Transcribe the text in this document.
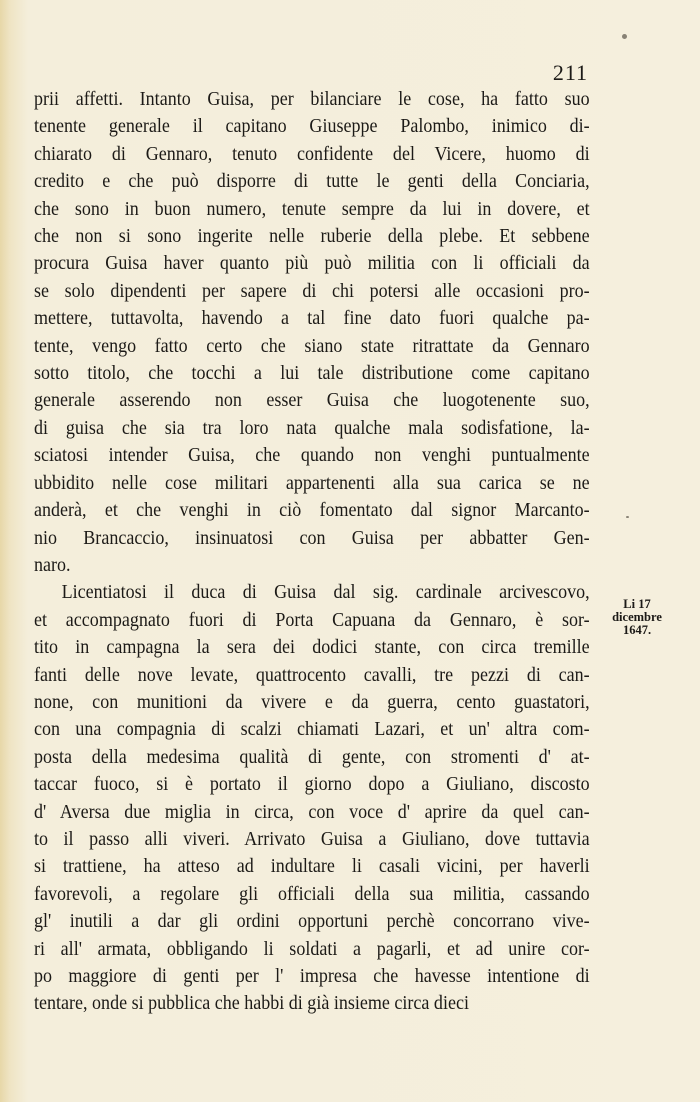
211
prii affetti. Intanto Guisa, per bilanciare le cose, ha fatto suo
tenente generale il capitano Giuseppe Palombo, inimico di-
chiarato di Gennaro, tenuto confidente del Vicere, huomo di
credito e che può disporre di tutte le genti della Conciaria,
che sono in buon numero, tenute sempre da lui in dovere, et
che non si sono ingerite nelle ruberie della plebe. Et sebbene
procura Guisa haver quanto più può militia con li officiali da
se solo dipendenti per sapere di chi potersi alle occasioni pro-
mettere, tuttavolta, havendo a tal fine dato fuori qualche pa-
tente, vengo fatto certo che siano state ritrattate da Gennaro
sotto titolo, che tocchi a lui tale distributione come capitano
generale asserendo non esser Guisa che luogotenente suo,
di guisa che sia tra loro nata qualche mala sodisfatione, la-
sciatosi intender Guisa, che quando non venghi puntualmente
ubbidito nelle cose militari appartenenti alla sua carica se ne
anderà, et che venghi in ciò fomentato dal signor Marcanto-
nio Brancaccio, insinuatosi con Guisa per abbatter Gen-
naro.
Licentiatosi il duca di Guisa dal sig. cardinale arcivescovo,
et accompagnato fuori di Porta Capuana da Gennaro, è sor-
tito in campagna la sera dei dodici stante, con circa tremille
fanti delle nove levate, quattrocento cavalli, tre pezzi di can-
none, con munitioni da vivere e da guerra, cento guastatori,
con una compagnia di scalzi chiamati Lazari, et un' altra com-
posta della medesima qualità di gente, con stromenti d' at-
taccar fuoco, si è portato il giorno dopo a Giuliano, discosto
d' Aversa due miglia in circa, con voce d' aprire da quel can-
to il passo alli viveri. Arrivato Guisa a Giuliano, dove tuttavia
si trattiene, ha atteso ad indultare li casali vicini, per haverli
favorevoli, a regolare gli officiali della sua militia, cassando
gl' inutili a dar gli ordini opportuni perchè concorrano vive-
ri all' armata, obbligando li soldati a pagarli, et ad unire cor-
po maggiore di genti per l' impresa che havesse intentione di
tentare, onde si pubblica che habbi di già insieme circa dieci
Li 17
dicembre
1647.
